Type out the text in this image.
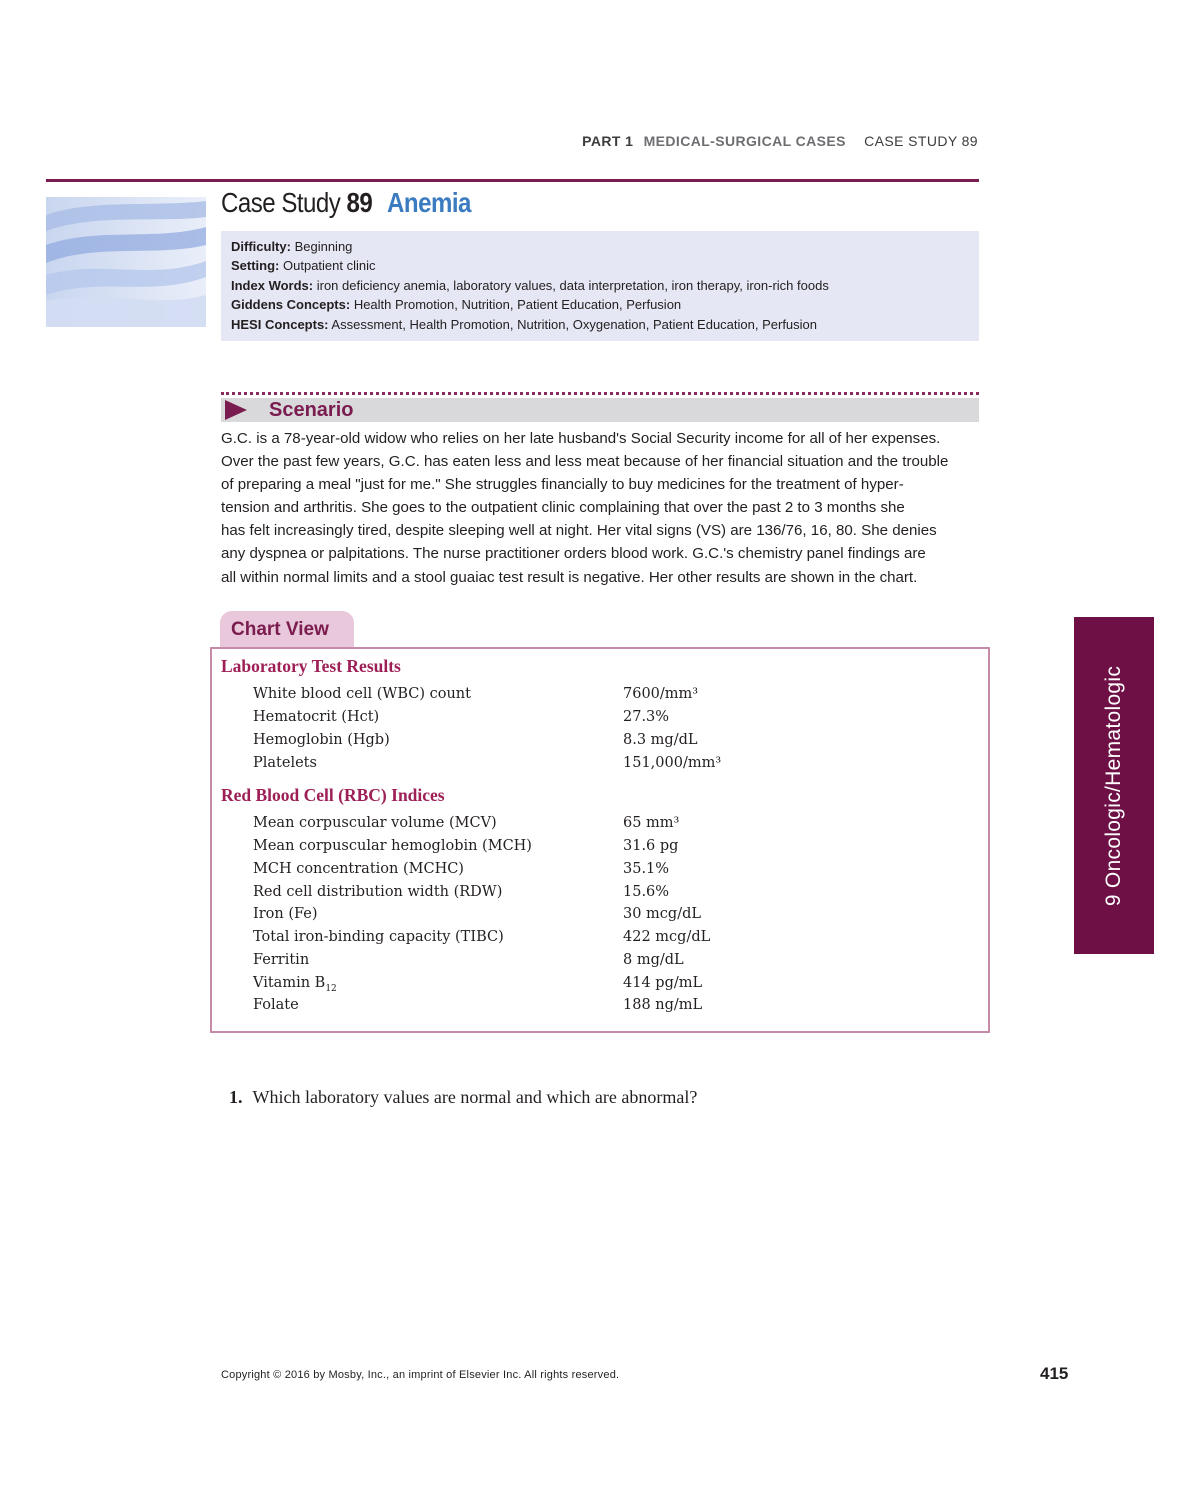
PART 1 MEDICAL-SURGICAL CASES CASE STUDY 89
Case Study 89 Anemia
Difficulty: Beginning
Setting: Outpatient clinic
Index Words: iron deficiency anemia, laboratory values, data interpretation, iron therapy, iron-rich foods
Giddens Concepts: Health Promotion, Nutrition, Patient Education, Perfusion
HESI Concepts: Assessment, Health Promotion, Nutrition, Oxygenation, Patient Education, Perfusion
Scenario
G.C. is a 78-year-old widow who relies on her late husband's Social Security income for all of her expenses.
Over the past few years, G.C. has eaten less and less meat because of her financial situation and the trouble
of preparing a meal "just for me." She struggles financially to buy medicines for the treatment of hyper-
tension and arthritis. She goes to the outpatient clinic complaining that over the past 2 to 3 months she
has felt increasingly tired, despite sleeping well at night. Her vital signs (VS) are 136/76, 16, 80. She denies
any dyspnea or palpitations. The nurse practitioner orders blood work. G.C.'s chemistry panel findings are
all within normal limits and a stool guaiac test result is negative. Her other results are shown in the chart.
Chart View
Laboratory Test Results
White blood cell (WBC) count	7600/mm³
Hematocrit (Hct)	27.3%
Hemoglobin (Hgb)	8.3 mg/dL
Platelets	151,000/mm³
Red Blood Cell (RBC) Indices
Mean corpuscular volume (MCV)	65 mm³
Mean corpuscular hemoglobin (MCH)	31.6 pg
MCH concentration (MCHC)	35.1%
Red cell distribution width (RDW)	15.6%
Iron (Fe)	30 mcg/dL
Total iron-binding capacity (TIBC)	422 mcg/dL
Ferritin	8 mg/dL
Vitamin $B_{12}$	414 pg/mL
Folate	188 ng/mL
1. Which laboratory values are normal and which are abnormal?
9 Oncologic/Hematologic
Copyright © 2016 by Mosby, Inc., an imprint of Elsevier Inc. All rights reserved.	415
